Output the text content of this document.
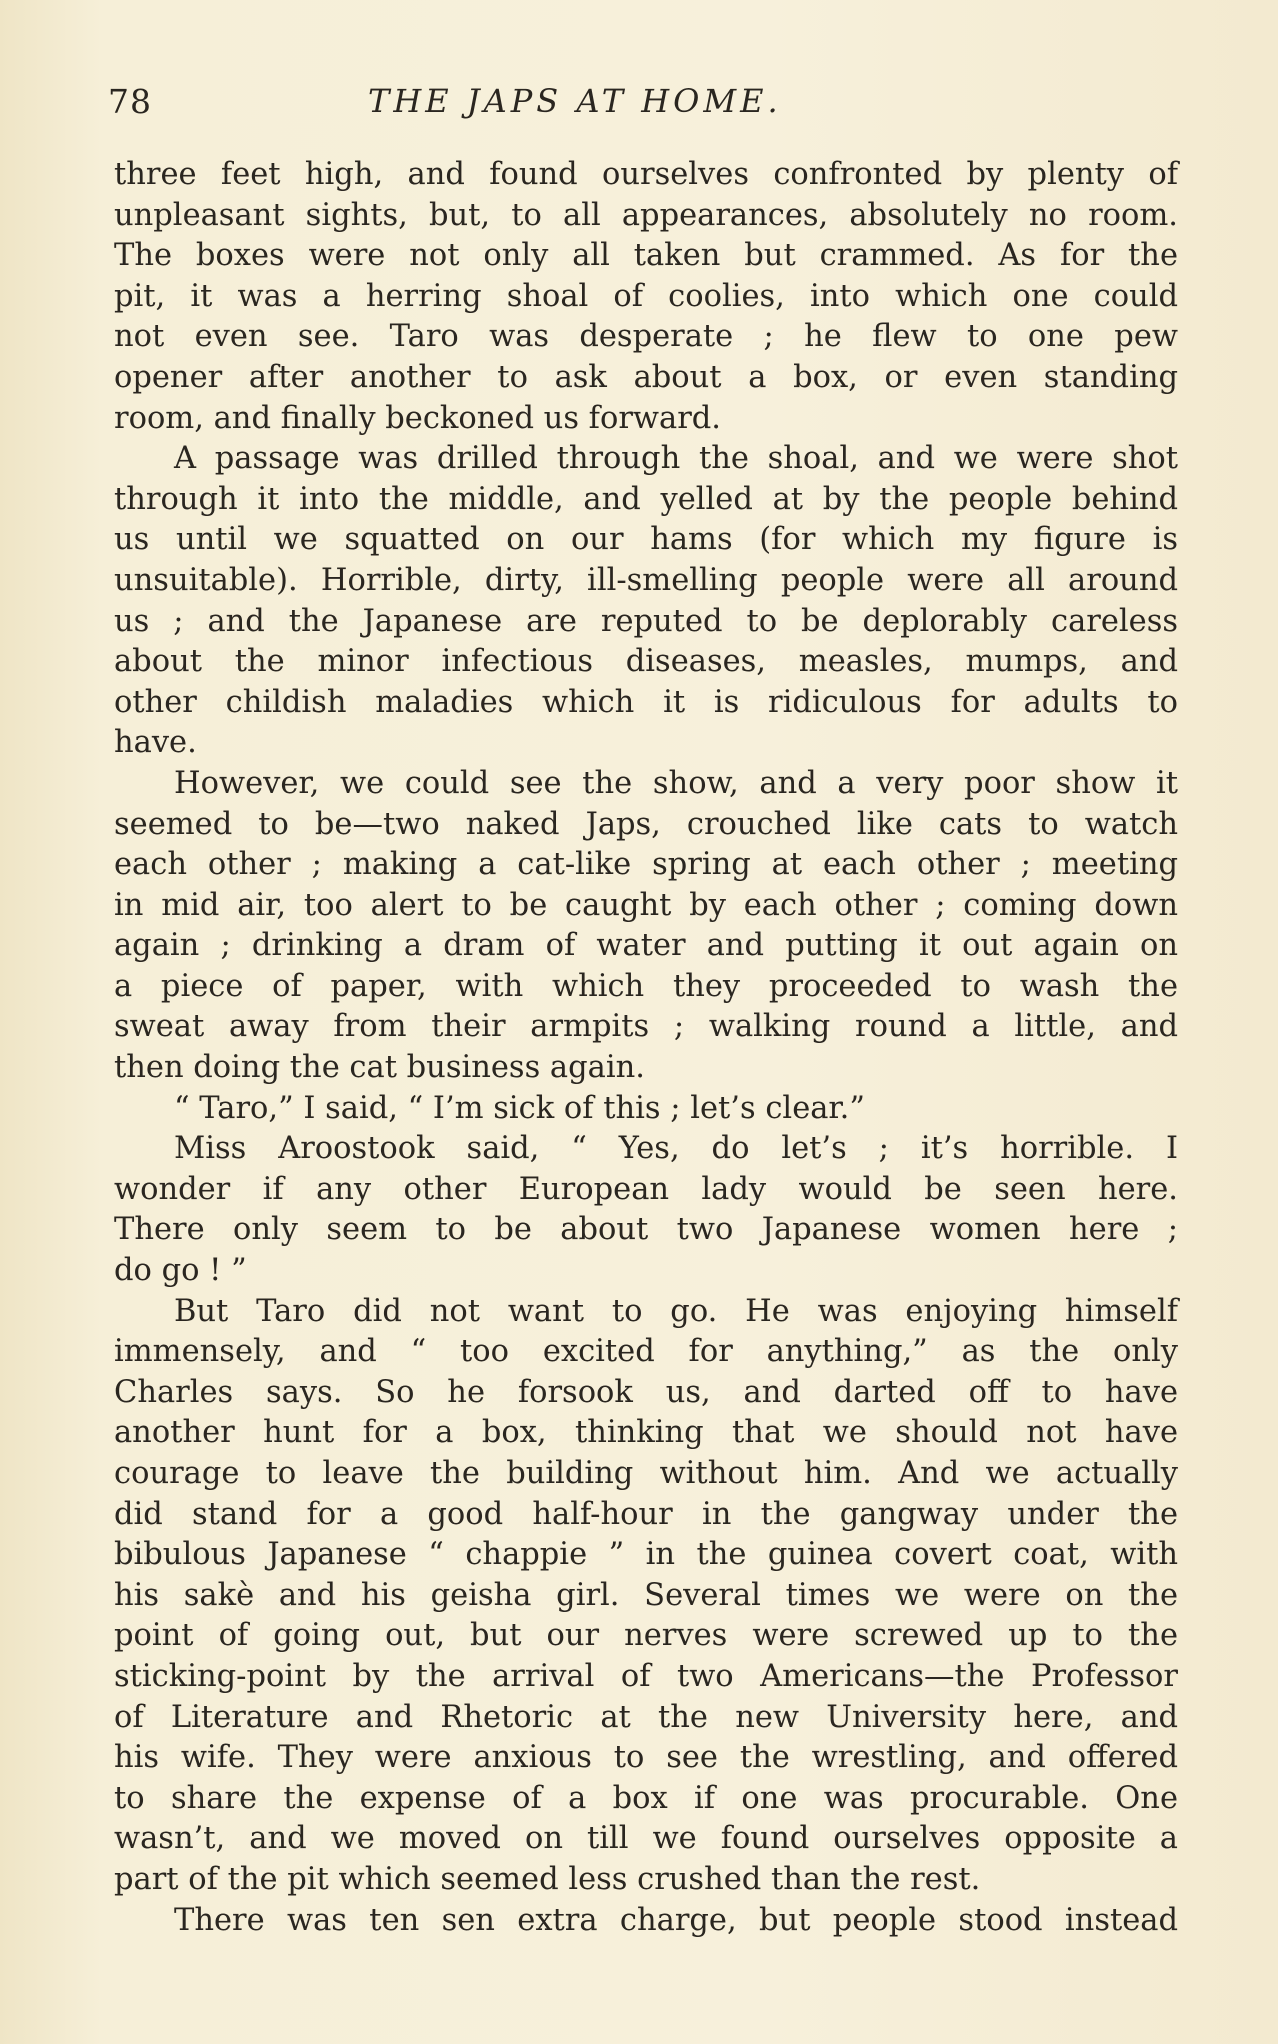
78	THE JAPS AT HOME.
three feet high, and found ourselves confronted by plenty of
unpleasant sights, but, to all appearances, absolutely no room.
The boxes were not only all taken but crammed. As for the
pit, it was a herring shoal of coolies, into which one could
not even see. Taro was desperate ; he flew to one pew
opener after another to ask about a box, or even standing
room, and finally beckoned us forward.
A passage was drilled through the shoal, and we were shot
through it into the middle, and yelled at by the people behind
us until we squatted on our hams (for which my figure is
unsuitable). Horrible, dirty, ill-smelling people were all around
us ; and the Japanese are reputed to be deplorably careless
about the minor infectious diseases, measles, mumps, and
other childish maladies which it is ridiculous for adults to
have.
However, we could see the show, and a very poor show it
seemed to be—two naked Japs, crouched like cats to watch
each other ; making a cat-like spring at each other ; meeting
in mid air, too alert to be caught by each other ; coming down
again ; drinking a dram of water and putting it out again on
a piece of paper, with which they proceeded to wash the
sweat away from their armpits ; walking round a little, and
then doing the cat business again.
“ Taro,” I said, “ I’m sick of this ; let’s clear.”
Miss Aroostook said, “ Yes, do let’s ; it’s horrible. I
wonder if any other European lady would be seen here.
There only seem to be about two Japanese women here ;
do go ! ”
But Taro did not want to go. He was enjoying himself
immensely, and “ too excited for anything,” as the only
Charles says. So he forsook us, and darted off to have
another hunt for a box, thinking that we should not have
courage to leave the building without him. And we actually
did stand for a good half-hour in the gangway under the
bibulous Japanese “ chappie ” in the guinea covert coat, with
his sakè and his geisha girl. Several times we were on the
point of going out, but our nerves were screwed up to the
sticking-point by the arrival of two Americans—the Professor
of Literature and Rhetoric at the new University here, and
his wife. They were anxious to see the wrestling, and offered
to share the expense of a box if one was procurable. One
wasn’t, and we moved on till we found ourselves opposite a
part of the pit which seemed less crushed than the rest.
There was ten sen extra charge, but people stood instead
